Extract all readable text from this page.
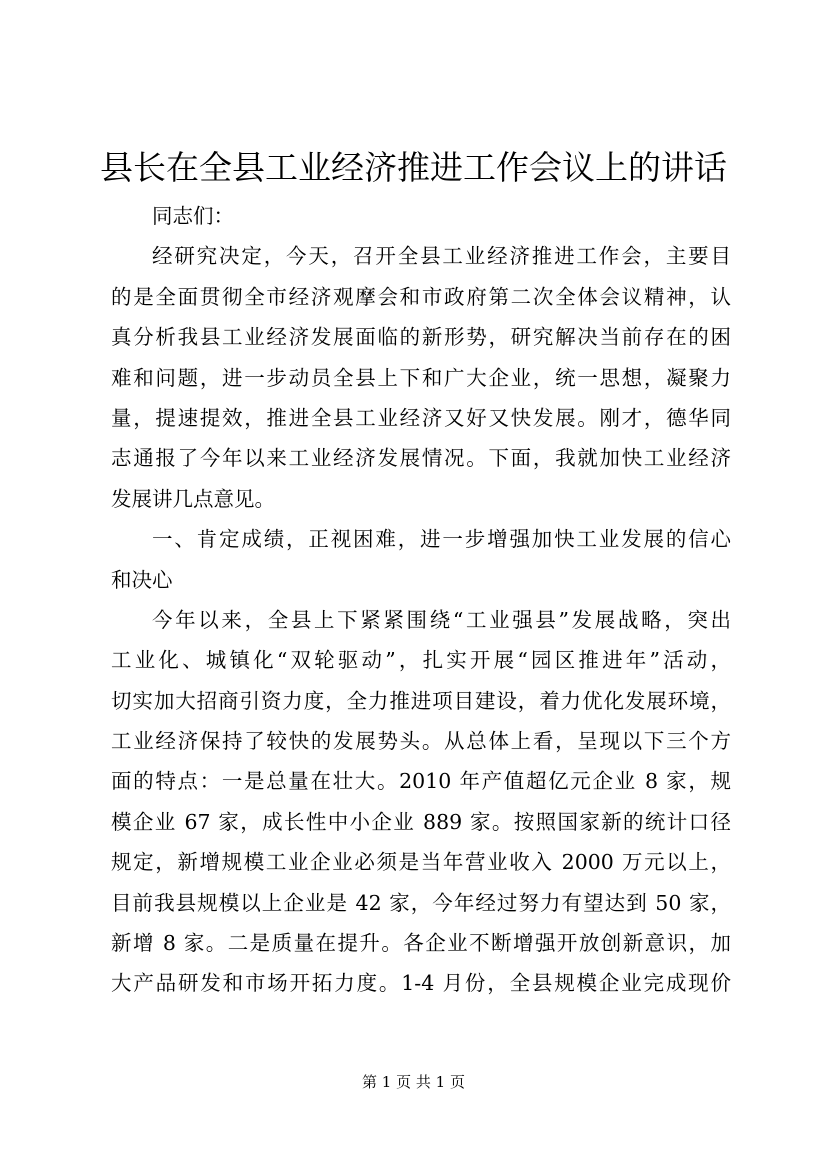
县长在全县工业经济推进工作会议上的讲话
同志们：
经研究决定，今天，召开全县工业经济推进工作会，主要目
的是全面贯彻全市经济观摩会和市政府第二次全体会议精神，认
真分析我县工业经济发展面临的新形势，研究解决当前存在的困
难和问题，进一步动员全县上下和广大企业，统一思想，凝聚力
量，提速提效，推进全县工业经济又好又快发展。刚才，德华同
志通报了今年以来工业经济发展情况。下面，我就加快工业经济
发展讲几点意见。
一、肯定成绩，正视困难，进一步增强加快工业发展的信心
和决心
今年以来，全县上下紧紧围绕“工业强县”发展战略，突出
工业化、城镇化“双轮驱动”，扎实开展“园区推进年”活动，
切实加大招商引资力度，全力推进项目建设，着力优化发展环境，
工业经济保持了较快的发展势头。从总体上看，呈现以下三个方
面的特点：一是总量在壮大。2010 年产值超亿元企业 8 家，规
模企业 67 家，成长性中小企业 889 家。按照国家新的统计口径
规定，新增规模工业企业必须是当年营业收入 2000 万元以上，
目前我县规模以上企业是 42 家，今年经过努力有望达到 50 家，
新增 8 家。二是质量在提升。各企业不断增强开放创新意识，加
大产品研发和市场开拓力度。1-4 月份，全县规模企业完成现价
第 1 页 共 1 页
